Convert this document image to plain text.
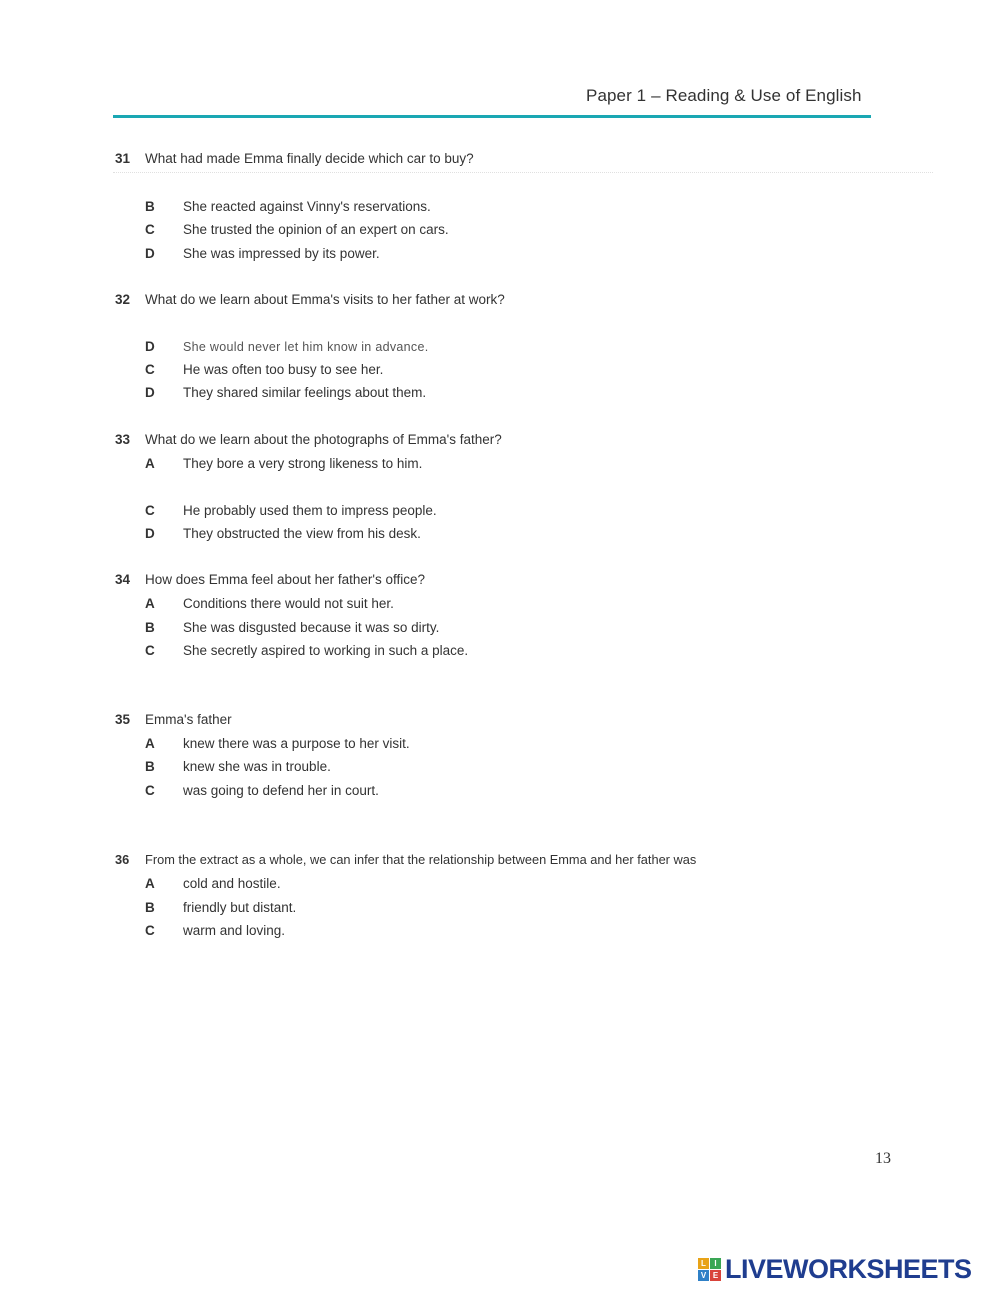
Paper 1 – Reading & Use of English
31 What had made Emma finally decide which car to buy?
B She reacted against Vinny's reservations.
C She trusted the opinion of an expert on cars.
D She was impressed by its power.
32 What do we learn about Emma's visits to her father at work?
D She would never let him know in advance.
C He was often too busy to see her.
D They shared similar feelings about them.
33 What do we learn about the photographs of Emma's father?
A They bore a very strong likeness to him.
C He probably used them to impress people.
D They obstructed the view from his desk.
34 How does Emma feel about her father's office?
A Conditions there would not suit her.
B She was disgusted because it was so dirty.
C She secretly aspired to working in such a place.
35 Emma's father
A knew there was a purpose to her visit.
B knew she was in trouble.
C was going to defend her in court.
36 From the extract as a whole, we can infer that the relationship between Emma and her father was
A cold and hostile.
B friendly but distant.
C warm and loving.
13
L	I
V E LIVEWORKSHEETS
